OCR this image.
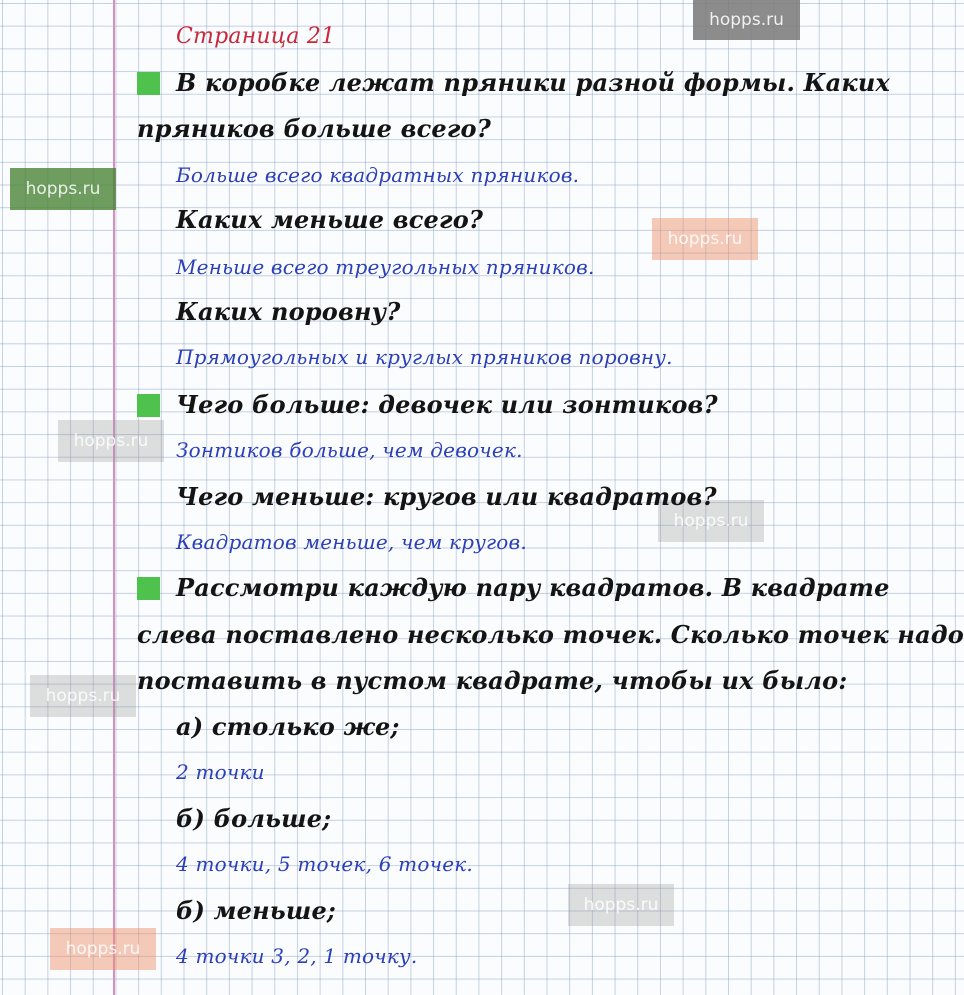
hopps.ru
hopps.ru
hopps.ru
hopps.ru
hopps.ru
hopps.ru
hopps.ru
hopps.ru
Страница 21
В коробке лежат пряники разной формы. Каких
пряников больше всего?
Больше всего квадратных пряников.
Каких меньше всего?
Меньше всего треугольных пряников.
Каких поровну?
Прямоугольных и круглых пряников поровну.
Чего больше: девочек или зонтиков?
Зонтиков больше, чем девочек.
Чего меньше: кругов или квадратов?
Квадратов меньше, чем кругов.
Рассмотри каждую пару квадратов. В квадрате
слева поставлено несколько точек. Сколько точек надо
поставить в пустом квадрате, чтобы их было:
а) столько же;
2 точки
б) больше;
4 точки, 5 точек, 6 точек.
б) меньше;
4 точки 3, 2, 1 точку.
